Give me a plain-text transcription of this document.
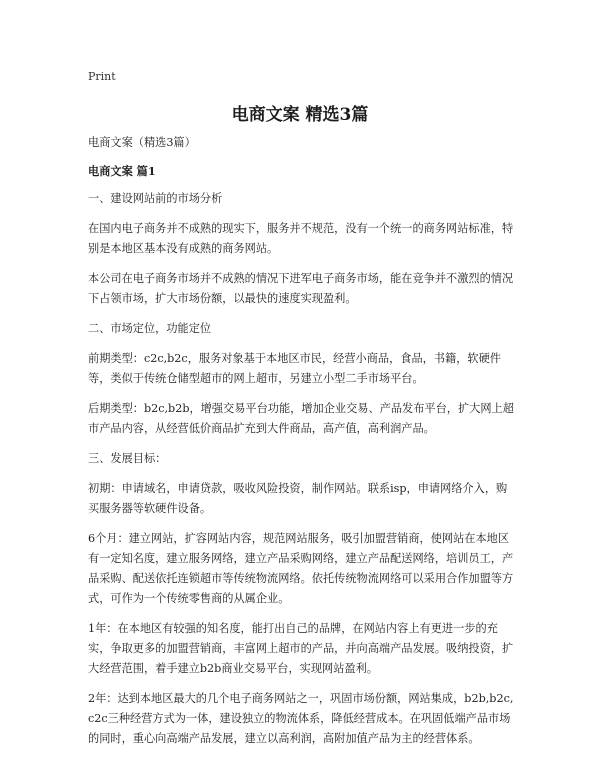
Print
电商文案 精选3篇

电商文案（精选3篇）

电商文案 篇1

一、建设网站前的市场分析

在国内电子商务并不成熟的现实下，服务并不规范，没有一个统一的商务网站标准，特别是本地区基本没有成熟的商务网站。

本公司在电子商务市场并不成熟的情况下进军电子商务市场，能在竞争并不激烈的情况下占领市场，扩大市场份额，以最快的速度实现盈利。

二、市场定位，功能定位

前期类型：c2c,b2c，服务对象基于本地区市民，经营小商品，食品，书籍，软硬件等，类似于传统仓储型超市的网上超市，另建立小型二手市场平台。

后期类型：b2c,b2b，增强交易平台功能，增加企业交易、产品发布平台，扩大网上超市产品内容，从经营低价商品扩充到大件商品，高产值，高利润产品。

三、发展目标：

初期：申请域名，申请贷款，吸收风险投资，制作网站。联系isp，申请网络介入，购买服务器等软硬件设备。

6个月：建立网站，扩容网站内容，规范网站服务，吸引加盟营销商，使网站在本地区有一定知名度，建立服务网络，建立产品采购网络，建立产品配送网络，培训员工，产品采购、配送依托连锁超市等传统物流网络。依托传统物流网络可以采用合作加盟等方式，可作为一个传统零售商的从属企业。

1年：在本地区有较强的知名度，能打出自己的品牌，在网站内容上有更进一步的充实，争取更多的加盟营销商，丰富网上超市的产品，并向高端产品发展。吸纳投资，扩大经营范围，着手建立b2b商业交易平台，实现网站盈利。

2年：达到本地区最大的几个电子商务网站之一，巩固市场份额，网站集成，b2b,b2c,c2c三种经营方式为一体，建设独立的物流体系，降低经营成本。在巩固低端产品市场的同时，重心向高端产品发展，建立以高利润，高附加值产品为主的经营体系。
